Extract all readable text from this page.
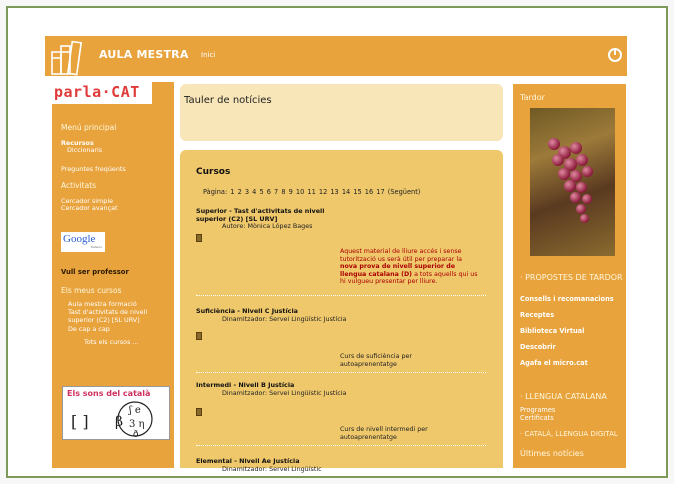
AULA MESTRA Inici
parla·CAT
Menú principal
Recursos
Diccionaris
Preguntes freqüents
Activitats
Cercador simple
Cercador avançat
Google
Traductor
Vull ser professor
Els meus cursos
Aula mestra formació
Tast d'activitats de nivell superior (C2) [SL URV]
De cap a cap
Tots els cursos ...
Els sons del català
[ ] β
ʃ e
3 η
ð
Tauler de notícies
Cursos
Pàgina: 1 2 3 4 5 6 7 8 9 10 11 12 13 14 15 16 17 (Següent)
Superior - Tast d'activitats de nivell superior (C2) [SL URV]
Autore: Mònica López Bages
Aquest material de lliure accés i sense tutorització us serà útil per preparar la nova prova de nivell superior de llengua catalana (D) a tots aquells qui us hi vulgueu presentar per lliure.
Suficiència - Nivell C Justícia
Dinamitzador: Servei Lingüístic Justícia
Curs de suficiència per autoaprenentatge
Intermedi - Nivell B Justícia
Dinamitzador: Servei Lingüístic Justícia
Curs de nivell intermedi per autoaprenentatge
Elemental - Nivell Ae Justícia
Dinamitzador: Servei Lingüístic
Tardor
· PROPOSTES DE TARDOR
Consells i recomanacions
Receptes
Biblioteca Virtual
Descobrir
Agafa el micro.cat
· LLENGUA CATALANA
Programes
Certificats
· CATALÀ, LLENGUA DIGITAL
Últimes notícies
